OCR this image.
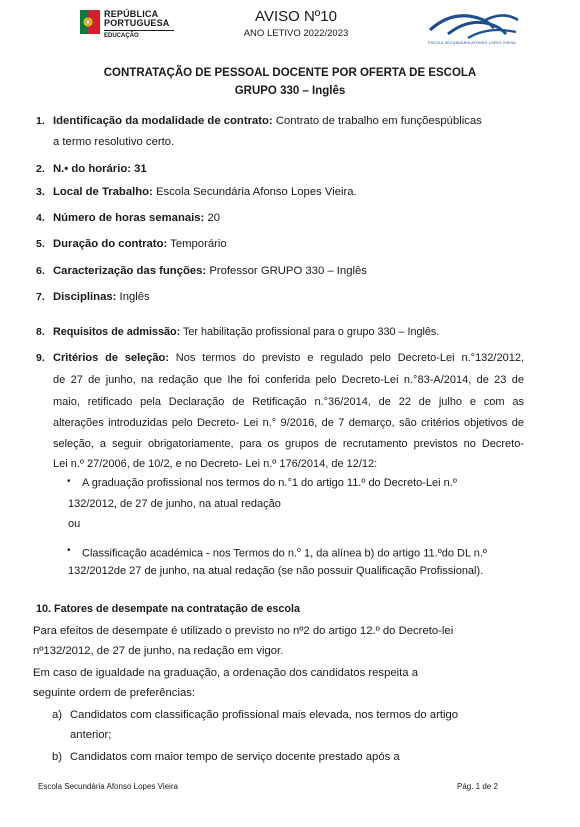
REPÚBLICA
PORTUGUESA
EDUCAÇÃO
AVISO Nº10
ANO LETIVO 2022/2023
ESCOLA SECUNDÁRIA AFONSO LOPES VIEIRA
CONTRATAÇÃO DE PESSOAL DOCENTE POR OFERTA DE ESCOLA
GRUPO 330 – Inglês
1. Identificação da modalidade de contrato: Contrato de trabalho em funçõespúblicas
a termo resolutivo certo.
2. N.• do horário: 31
3. Local de Trabalho: Escola Secundária Afonso Lopes Vieira.
4. Número de horas semanais: 20
5. Duração do contrato: Temporário
6. Caracterização das funções: Professor GRUPO 330 – Inglês
7. Disciplinas: Inglês
8. Requisitos de admissão: Ter habilitação profissional para o grupo 330 – Inglês.
9. Critérios de seleção: Nos termos do previsto e regulado pelo Decreto-Lei n.°132/2012,
de 27 de junho, na redação que Ihe foi conferida pelo Decreto-Lei n.°83-A/2014, de 23 de
maio, retificado pela Declaração de Retificação n.°36/2014, de 22 de julho e com as
alterações introduzidas pelo Decreto- Lei n.° 9/2016, de 7 demarço, são critérios objetivos de
seleção, a seguir obrigatoriamente, para os grupos de recrutamento previstos no Decreto-
Lei n.º 27/2006, de 10/2, e no Decreto- Lei n.º 176/2014, de 12/12:
• A graduação profissional nos termos do n.°1 do artigo 11.º do Decreto-Lei n.º
132/2012, de 27 de junho, na atual redação
ou
• Classificação académica - nos Termos do n.$^o$ 1, da alínea b) do artigo 11.ºdo DL n.º
132/2012de 27 de junho, na atual redação (se não possuir Qualificação Profissional).
10. Fatores de desempate na contratação de escola
Para efeitos de desempate é utilizado o previsto no nº2 do artigo 12.º do Decreto-lei
nº132/2012, de 27 de junho, na redação em vigor.
Em caso de igualdade na graduação, a ordenação dos candidatos respeita a
seguinte ordem de preferências:
a) Candidatos com classificação profissional mais elevada, nos termos do artigo
anterior;
b) Candidatos com maior tempo de serviço docente prestado após a
Escola Secundária Afonso Lopes Vieira	Pág. 1 de 2
